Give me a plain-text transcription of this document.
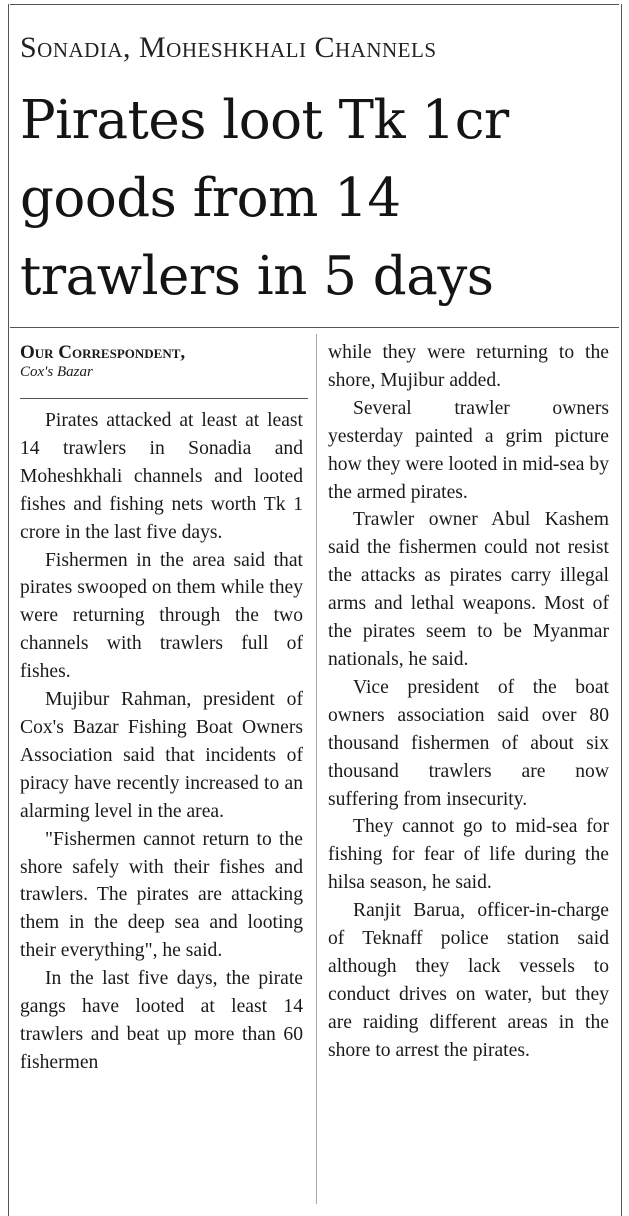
Sonadia, Moheshkhali Channels
Pirates loot Tk 1cr
goods from 14
trawlers in 5 days
Our Correspondent,
Cox's Bazar

Pirates attacked at least at least 14 trawlers in Sonadia and Moheshkhali channels and looted fishes and fishing nets worth Tk 1 crore in the last five days.

Fishermen in the area said that pirates swooped on them while they were returning through the two channels with trawlers full of fishes.

Mujibur Rahman, president of Cox's Bazar Fishing Boat Owners Association said that incidents of piracy have recently increased to an alarming level in the area.

"Fishermen cannot return to the shore safely with their fishes and trawlers. The pirates are attacking them in the deep sea and looting their everything", he said.

In the last five days, the pirate gangs have looted at least 14 trawlers and beat up more than 60 fishermen

while they were returning to the shore, Mujibur added.

Several trawler owners yesterday painted a grim picture how they were looted in mid-sea by the armed pirates.

Trawler owner Abul Kashem said the fishermen could not resist the attacks as pirates carry illegal arms and lethal weapons. Most of the pirates seem to be Myanmar nationals, he said.

Vice president of the boat owners association said over 80 thousand fishermen of about six thousand trawlers are now suffering from insecurity.

They cannot go to mid-sea for fishing for fear of life during the hilsa season, he said.

Ranjit Barua, officer-in-charge of Teknaff police station said although they lack vessels to conduct drives on water, but they are raiding different areas in the shore to arrest the pirates.
